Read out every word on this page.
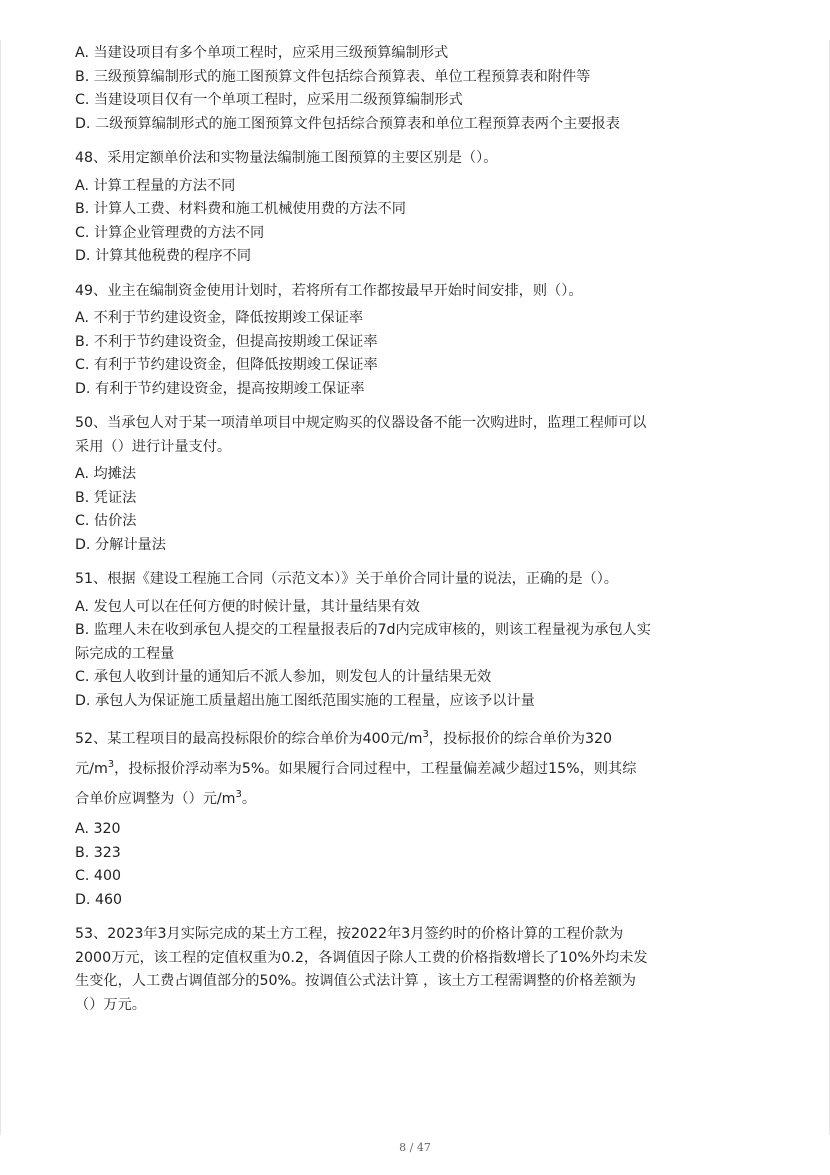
A. 当建设项目有多个单项工程时，应采用三级预算编制形式

B. 三级预算编制形式的施工图预算文件包括综合预算表、单位工程预算表和附件等

C. 当建设项目仅有一个单项工程时，应采用二级预算编制形式

D. 二级预算编制形式的施工图预算文件包括综合预算表和单位工程预算表两个主要报表

48、采用定额单价法和实物量法编制施工图预算的主要区别是（）。

A. 计算工程量的方法不同

B. 计算人工费、材料费和施工机械使用费的方法不同

C. 计算企业管理费的方法不同

D. 计算其他税费的程序不同

49、业主在编制资金使用计划时，若将所有工作都按最早开始时间安排，则（）。

A. 不利于节约建设资金，降低按期竣工保证率

B. 不利于节约建设资金，但提高按期竣工保证率

C. 有利于节约建设资金，但降低按期竣工保证率

D. 有利于节约建设资金，提高按期竣工保证率

50、当承包人对于某一项清单项目中规定购买的仪器设备不能一次购进时，监理工程师可以

采用（）进行计量支付。

A. 均摊法

B. 凭证法

C. 估价法

D. 分解计量法

51、根据《建设工程施工合同（示范文本）》关于单价合同计量的说法，正确的是（）。

A. 发包人可以在任何方便的时候计量，其计量结果有效

B. 监理人未在收到承包人提交的工程量报表后的7d内完成审核的，则该工程量视为承包人实

际完成的工程量

C. 承包人收到计量的通知后不派人参加，则发包人的计量结果无效

D. 承包人为保证施工质量超出施工图纸范围实施的工程量，应该予以计量

52、某工程项目的最高投标限价的综合单价为400元$/m^3$，投标报价的综合单价为320

元$/m^3$，投标报价浮动率为5%。如果履行合同过程中，工程量偏差减少超过15%，则其综

合单价应调整为（）元$/m^3$。

A. 320

B. 323

C. 400

D. 460

53、2023年3月实际完成的某土方工程，按2022年3月签约时的价格计算的工程价款为

2000万元，该工程的定值权重为0.2，各调值因子除人工费的价格指数增长了10%外均未发

生变化，人工费占调值部分的50%。按调值公式法计算 ，该土方工程需调整的价格差额为

（）万元。

8 / 47
